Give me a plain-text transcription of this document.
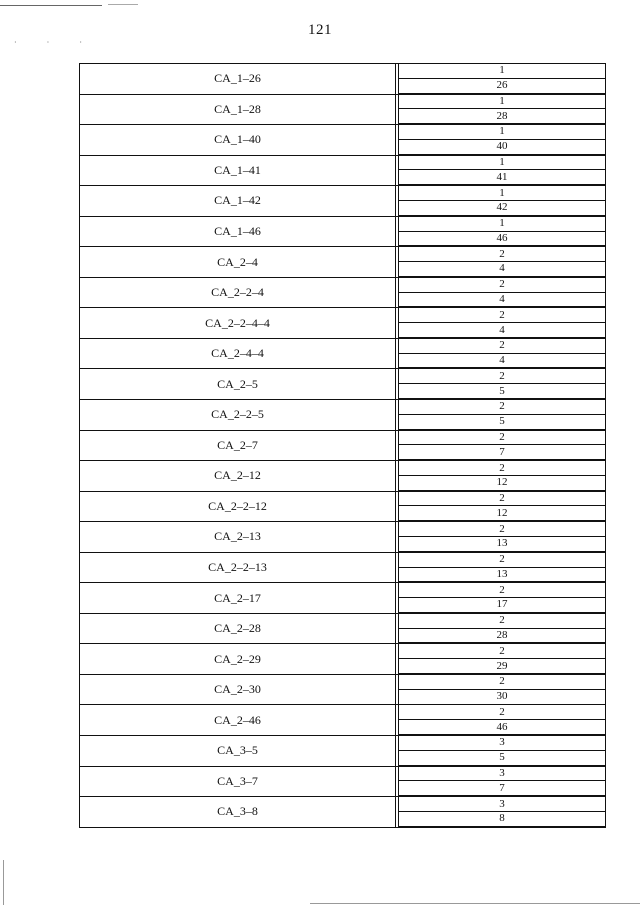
· · ·
121
CA_1–26
1
26
CA_1–28
1
28
CA_1–40
1
40
CA_1–41
1
41
CA_1–42
1
42
CA_1–46
1
46
CA_2–4
2
4
CA_2–2–4
2
4
CA_2–2–4–4
2
4
CA_2–4–4
2
4
CA_2–5
2
5
CA_2–2–5
2
5
CA_2–7
2
7
CA_2–12
2
12
CA_2–2–12
2
12
CA_2–13
2
13
CA_2–2–13
2
13
CA_2–17
2
17
CA_2–28
2
28
CA_2–29
2
29
CA_2–30
2
30
CA_2–46
2
46
CA_3–5
3
5
CA_3–7
3
7
CA_3–8
3
8
